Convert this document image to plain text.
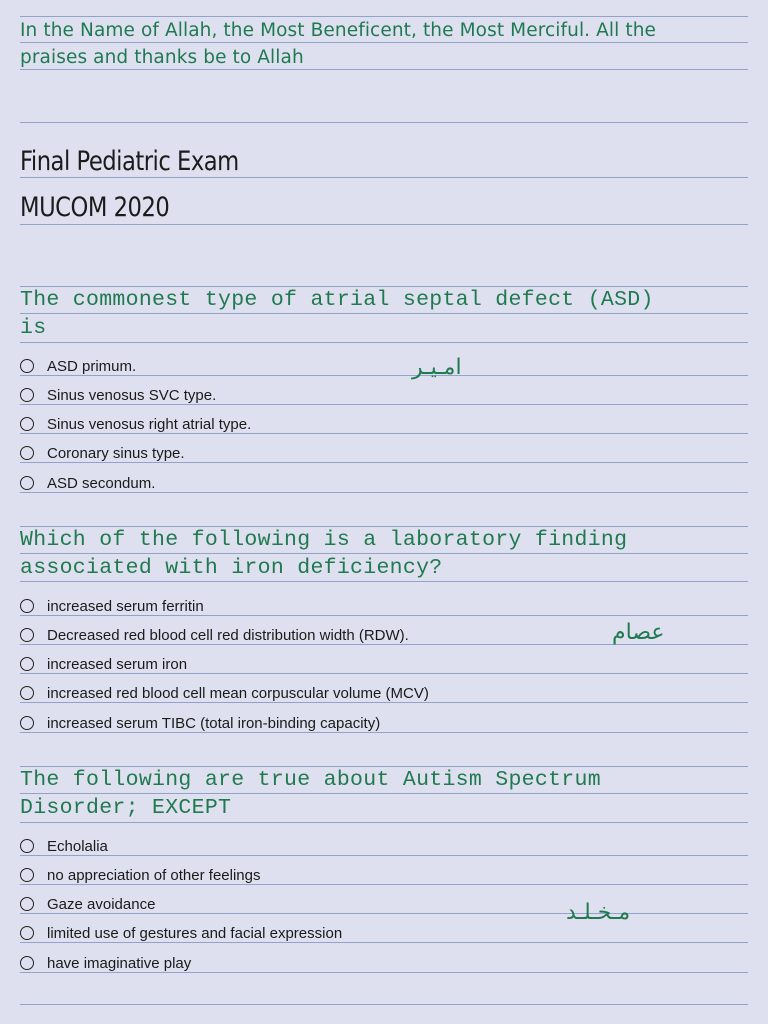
In the Name of Allah, the Most Beneficent, the Most Merciful. All the
praises and thanks be to Allah
Final Pediatric Exam
MUCOM 2020
The commonest type of atrial septal defect (ASD)
is
ASD primum.
Sinus venosus SVC type.
Sinus venosus right atrial type.
Coronary sinus type.
ASD secondum.
امـيـر
Which of the following is a laboratory finding
associated with iron deficiency?
increased serum ferritin
Decreased red blood cell red distribution width (RDW).
increased serum iron
increased red blood cell mean corpuscular volume (MCV)
increased serum TIBC (total iron-binding capacity)
عصام
The following are true about Autism Spectrum
Disorder; EXCEPT
Echolalia
no appreciation of other feelings
Gaze avoidance
limited use of gestures and facial expression
have imaginative play
مـخـلـد
